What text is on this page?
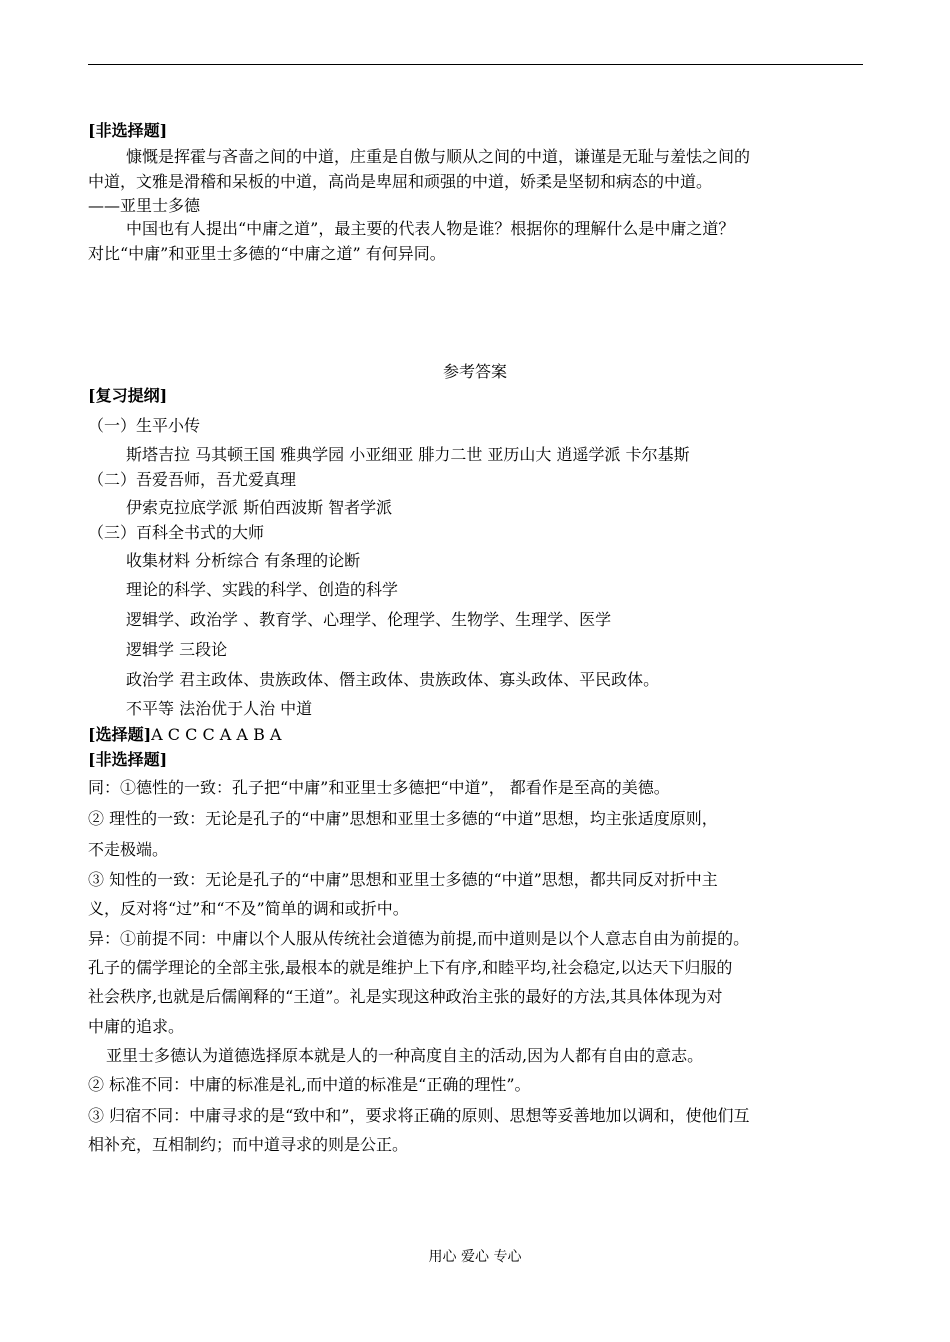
[非选择题]
慷慨是挥霍与吝啬之间的中道，庄重是自傲与顺从之间的中道，谦谨是无耻与羞怯之间的
中道，文雅是滑稽和呆板的中道，高尚是卑屈和顽强的中道，娇柔是坚韧和病态的中道。
——亚里士多德
中国也有人提出“中庸之道”，最主要的代表人物是谁？根据你的理解什么是中庸之道？
对比“中庸”和亚里士多德的“中庸之道” 有何异同。
参考答案
[复习提纲]
（一）生平小传
斯塔吉拉 马其顿王国 雅典学园 小亚细亚 腓力二世 亚历山大 逍遥学派 卡尔基斯
（二）吾爱吾师，吾尤爱真理
伊索克拉底学派 斯伯西波斯 智者学派
（三）百科全书式的大师
收集材料 分析综合 有条理的论断
理论的科学、实践的科学、创造的科学
逻辑学、政治学 、教育学、心理学、伦理学、生物学、生理学、医学
逻辑学 三段论
政治学 君主政体、贵族政体、僭主政体、贵族政体、寡头政体、平民政体。
不平等 法治优于人治 中道
[选择题]A C C C A A B A
[非选择题]
同：①德性的一致：孔子把“中庸”和亚里士多德把“中道”， 都看作是至高的美德。
② 理性的一致：无论是孔子的“中庸”思想和亚里士多德的“中道”思想，均主张适度原则，
不走极端。
③ 知性的一致：无论是孔子的“中庸”思想和亚里士多德的“中道”思想，都共同反对折中主
义，反对将“过”和“不及”简单的调和或折中。
异：①前提不同：中庸以个人服从传统社会道德为前提,而中道则是以个人意志自由为前提的。
孔子的儒学理论的全部主张,最根本的就是维护上下有序,和睦平均,社会稳定,以达天下归服的
社会秩序,也就是后儒阐释的“王道”。礼是实现这种政治主张的最好的方法,其具体体现为对
中庸的追求。
亚里士多德认为道德选择原本就是人的一种高度自主的活动,因为人都有自由的意志。
② 标准不同：中庸的标准是礼,而中道的标准是“正确的理性”。
③ 归宿不同：中庸寻求的是“致中和”，要求将正确的原则、思想等妥善地加以调和，使他们互
相补充，互相制约；而中道寻求的则是公正。
用心 爱心 专心
